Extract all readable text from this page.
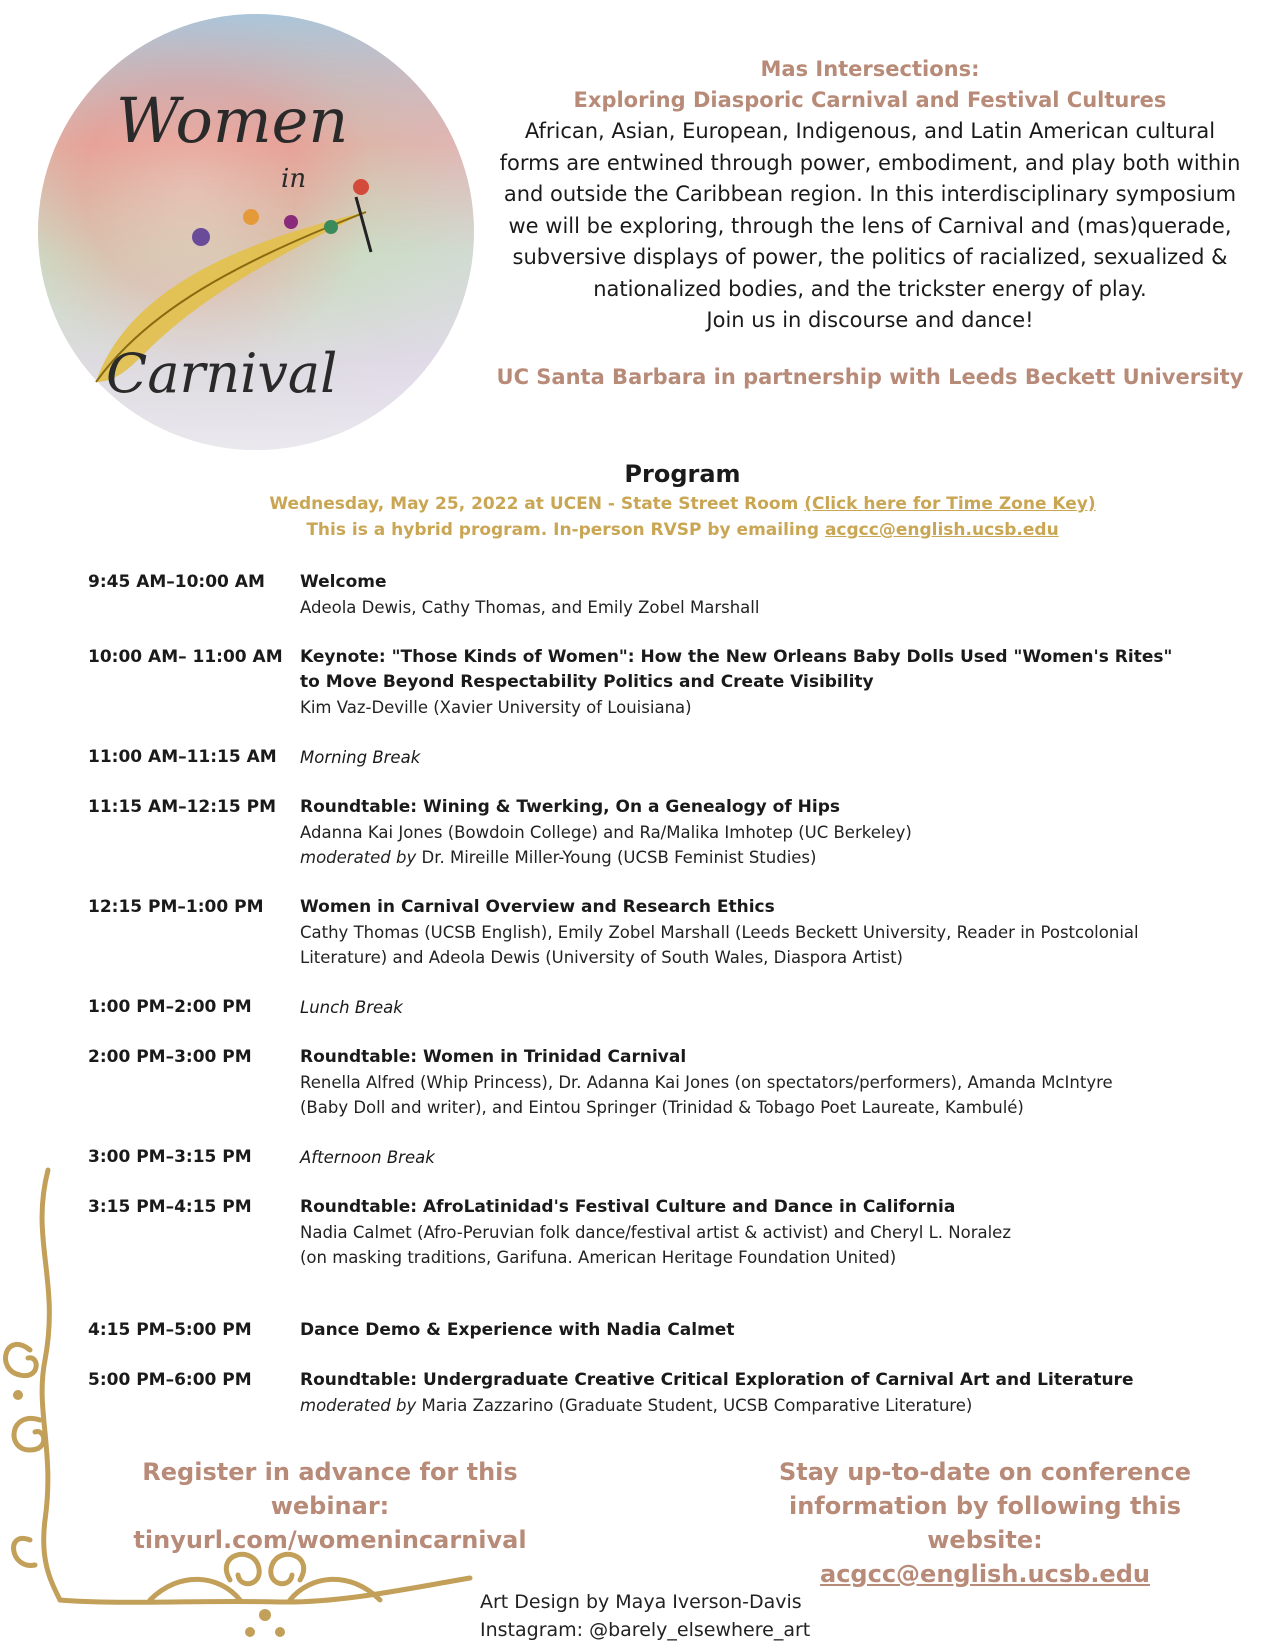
Women
in
Carnival
Mas Intersections:
Exploring Diasporic Carnival and Festival Cultures

African, Asian, European, Indigenous, and Latin American cultural forms are entwined through power, embodiment, and play both within and outside the Caribbean region. In this interdisciplinary symposium we will be exploring, through the lens of Carnival and (mas)querade, subversive displays of power, the politics of racialized, sexualized & nationalized bodies, and the trickster energy of play.

Join us in discourse and dance!
UC Santa Barbara in partnership with Leeds Beckett University
Program
Wednesday, May 25, 2022 at UCEN - State Street Room (Click here for Time Zone Key)
This is a hybrid program. In-person RVSP by emailing acgcc@english.ucsb.edu
9:45 AM–10:00 AM	Welcome
Adeola Dewis, Cathy Thomas, and Emily Zobel Marshall
10:00 AM– 11:00 AM	Keynote: "Those Kinds of Women": How the New Orleans Baby Dolls Used "Women's Rites"
to Move Beyond Respectability Politics and Create Visibility
Kim Vaz-Deville (Xavier University of Louisiana)
11:00 AM–11:15 AM	Morning Break
11:15 AM–12:15 PM	Roundtable: Wining & Twerking, On a Genealogy of Hips
Adanna Kai Jones (Bowdoin College) and Ra/Malika Imhotep (UC Berkeley)
moderated by Dr. Mireille Miller-Young (UCSB Feminist Studies)
12:15 PM–1:00 PM	Women in Carnival Overview and Research Ethics
Cathy Thomas (UCSB English), Emily Zobel Marshall (Leeds Beckett University, Reader in Postcolonial
Literature) and Adeola Dewis (University of South Wales, Diaspora Artist)
1:00 PM–2:00 PM	Lunch Break
2:00 PM–3:00 PM	Roundtable: Women in Trinidad Carnival
Renella Alfred (Whip Princess), Dr. Adanna Kai Jones (on spectators/performers), Amanda McIntyre
(Baby Doll and writer), and Eintou Springer (Trinidad & Tobago Poet Laureate, Kambulé)
3:00 PM–3:15 PM	Afternoon Break
3:15 PM–4:15 PM	Roundtable: AfroLatinidad's Festival Culture and Dance in California
Nadia Calmet (Afro-Peruvian folk dance/festival artist & activist) and Cheryl L. Noralez
(on masking traditions, Garifuna. American Heritage Foundation United)
4:15 PM–5:00 PM	Dance Demo & Experience with Nadia Calmet
5:00 PM–6:00 PM	Roundtable: Undergraduate Creative Critical Exploration of Carnival Art and Literature
moderated by Maria Zazzarino (Graduate Student, UCSB Comparative Literature)
Register in advance for this webinar:
tinyurl.com/womenincarnival
Stay up-to-date on conference
information by following this website:
acgcc@english.ucsb.edu
Art Design by Maya Iverson-Davis
Instagram: @barely_elsewhere_art
